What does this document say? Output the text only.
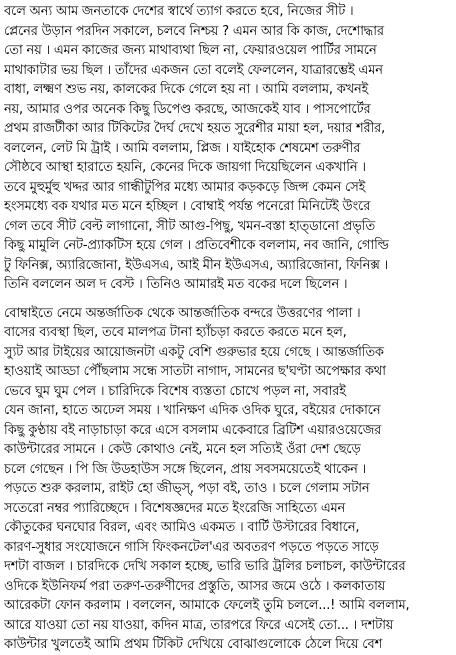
বলে অন্য আম জনতাকে দেশের স্বার্থে ত্যাগ করতে হবে, নিজের সীট ।
প্লেনের উড়ান পরদিন সকালে, চলবে নিশ্চয় ? এমন আর কি কাজ, দেশোদ্ধার
তো নয় । এমন কাজের জন্য মাথাব্যথা ছিল না, ফেয়ারওয়েল পার্টির সামনে
মাথাকাটার ভয় ছিল । তাঁদের একজন তো বলেই ফেললেন, যাত্রারম্ভেই এমন
বাধা, লক্ষ্মণ শুভ নয়, কালকের দিকে গেলে হয় না । আমি বললাম, কখনই
নয়, আমার ওপর অনেক কিছু ডিপেণ্ড করছে, আজকেই যাব । পাসপোর্টের
প্রথম রাজটীকা আর টিকিটের দৈর্ঘ দেখে হয়ত সুরেশীর মায়া হল, দয়ার শরীর,
বললেন, লেট মি ট্রাই । আমি বললাম, প্লিজ । যাইহোক শেষমেশ তরুণীর
সৌষ্ঠবে আস্থা হারাতে হয়নি, কেনের দিকে জায়গা দিয়েছিলেন একখানি ।
তবে মুহুর্মুহু খদ্দর আর গান্ধীটুপির মধ্যে আমার কড়কড়ে জিন্স কেমন সেই
হংসমধ্যে বক যথার মত মনে হচ্ছিল । বোম্বাই পর্যন্ত পনেরো মিনিটেই উংরে
গেল তবে সীট বেল্ট লাগানো, সীট আগু-পিছু, খমন-বস্তা হাত্ডানো প্রভৃতি
কিছু মামুলি নেট-প্র্যাকটিস হয়ে গেল । প্রতিবেশীকে বললাম, নব জানি, গোল্ডি
টু ফিনিক্স, অ্যারিজোনা, ইউএসএ, আই মীন ইউএসএ, অ্যারিজোনা, ফিনিক্স ।
তিনি বললেন অল দ বেস্ট । তিনিও আমারই মত বকের দলে ছিলেন ।
বোম্বাইতে নেমে অন্তর্জাতিক থেকে আন্তর্জাতিক বন্দরে উত্তরণের পালা ।
বাসের ব্যবস্থা ছিল, তবে মালপত্র টানা হ্যাঁচড়া করতে করতে মনে হল,
স্যুট আর টাইয়ের আয়োজনটা একটু বেশি গুরুভার হয়ে গেছে । আন্তর্জাতিক
হাওয়াই আড্ডা পৌঁছলাম সন্ধে সাতটা নাগাদ, সামনের ছ'ঘণ্টা অপেক্ষার কথা
ভেবে ঘুম ঘুম পেল । চারিদিকে বিশেষ ব্যস্ততা চোখে পড়ল না, সবারই
যেন জানা, হাতে অঢেল সময় । খানিক্ষণ এদিক ওদিক ঘুরে, বইয়ের দোকানে
কিছু কুণ্ঠায় বই নাড়াচাড়া করে এসে বসলাম একেবারে ব্রিটিশ এয়ারওয়েজের
কাউন্টারের সামনে । কেউ কোথাও নেই, মনে হল সত্যিই ওঁরা দেশ ছেড়ে
চলে গেছেন । পি জি উডহাউস সঙ্গে ছিলেন, প্রায় সবসময়েতেই থাকেন ।
পড়তে শুরু করলাম, রাইট হো জীভ্স্, পড়া বই, তাও । চলে গেলাম সটান
সতেরো নম্বর প্যারিচ্ছেদে । বিশেষজ্ঞদের মতে ইংরেজি সাহিত্যে এমন
কৌতুকের ঘনঘোর বিরল, এবং আমিও একমত । বার্টি উস্টারের বিধানে,
কারণ-সুধার সংযোজনে গাসি ফিংকনটেল'এর অবতরণ পড়তে পড়তে সাড়ে
দশটা বাজল । চারদিকে দেখি সকাল হচ্ছে, ভারি ভারি ট্রলির চলাচল, কাউন্টারের
ওদিকে ইউনিফর্ম পরা তরুণ-তরুণীদের প্রস্তুতি, আসর জমে ওঠে । কলকাতায়
আরেকটা ফোন করলাম । বললেন, আমাকে ফেলেই তুমি চললে...! আমি বললাম,
আরে যাওয়া তো নয় যাওয়া, কদিন মাত্র, তারপরে ফিরে এসেই তো... । দশটায়
কাউন্টার খুলতেই আমি প্রথম টিকিট দেখিয়ে বোঝাগুলোকে ঠেলে দিয়ে বেশ
